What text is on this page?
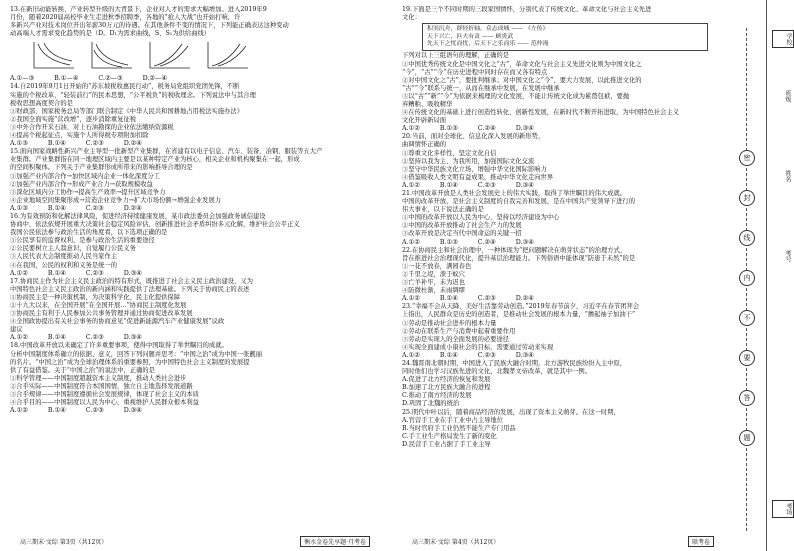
13.在新旧动能转换、产业转型升级的大背景下，企业对人才的需求大幅增加。进入2019年9

月份，随着2020届高校毕业生走进秋季招聘季，各地的“抢人大战”也开始打响，许

多新兴产业对技术岗位开出年薪30万元的待遇。在其他条件不变的情况下，下列能正确表达这种变动

动高端人才需求变化趋势的是（D。D₁为需求曲线，S、S₁为供给曲线）

A.①—③          B.①—④          C.②—③          D.②—④

14.自2019年9月1日开始的“苏东坡税收惠民行动”，税务局党组织党团先锋，不断

实施的个税改革，“轻装前行”的民本思想，“公平税负”的税收理念。下列说法中与其合理

税收思想高度契合的是

①财政部、国家税务总局等部门联合制定《中华人民共和国耕地占用税法实施办法》

②我国全面实施“营改增”，逐步消除重复征税

③中外合作开采石油、对上石油勘探的企业依法缴纳资源税

④提高个税起征点，实施个人所得税专项附加扣除

A.①③          B.①④          C.②③          D.②④

15.面向国家战略性新兴产业主导型一批新型产业集群，在省建有以电子信息、汽车、装备、冶钢、服装等五大产

业集群。产业集群指在同一地理区域内主要是以某种特定产业为核心，相关企业和机构聚集在一起，形成

的空间积聚体。下列关于产业集群形成所带来的影响推导合理的是

①加强产业内部合作→加快区域内企业一体化深度分工

②加强产业内部合作→形成产业合力→获取规模收益

③深化区域内分工协作→提高生产效率→提升区域竞争力

④企业地域空间集聚形成→营造企业竞争力→扩大市场份额→增强企业发展力

A.①③          B.①④          C.②③          D.②④

16.为有效预防和化解法律风险，促进经济持续健康发展，某市政法委员会加强政务诚信建设

协商中，依法依规开展重大决策社会稳定风险评估，创新推进社会矛盾纠纷多元化解，维护社会公平正义

我国公民依法参与政治生活的角度看，以下选项正确的是

①公民享有的监督权利，是参与政治生活的重要途径

②公民要树立主人翁意识，自觉履行公民义务

③人民代表大会制度推动人民当家作主

④在我国，公民的权利和义务是统一的

A.①②          B.①④          C.②③          D.③④

17.协商民主作为社会主义民主政治的特有形式，既推进了社会主义民主政治建设，又为

中国特色社会主义民主政治的新内涵和实践提供了法理基础。下列关于协商民主的表述

①协商民主是一种决策机制，为决策科学化、民主化提供保障

②十九大以来，在全国开展“在全国开展…”协商民主制度化发展

③协商民主有利于人民参加公共事务管理并通过协商促进改革发展

④全国政协提出有关社会事务的协商意见“促进新能源汽车产业健康发展”议政

建议

A.①②          B.①④          C.②③          D.③④

18.中国改革开放以来确定了许多重要事项，使得中国取得了举世瞩目的成就。

分析中国制度体系确立的依据、意义，回答下列问题并思考：“中国之治”成为中国一张靓丽

的名片。“中国之治”成为全球治理体系的重要参照，为中国特色社会主义制度的发展提

供了有益借鉴。关于“中国之治”的说法中，正确的是

①科学管理——中国制度超越资本主义制度，推动人类社会进步

②合乎实际——中国制度符合本国国情，独立自主地选择发展道路

③合乎规律——中国制度遵循社会发展规律，体现了社会主义的本质

④合乎目的——中国制度以人民为中心，重视维护人民群众根本利益

A.①②          B.①④          C.②③          D.③④

高三期末·文综 第3页（共12页）	衡水金卷先享题·月考卷

19.下面是三个不同时期的三段家国情怀，分别代表了传统文化、革命文化与社会主义先进

文化：

积羽沉舟，群轻折轴，众志成城 —— 《左传》

天下兴亡，匹夫有责 —— 顾炎武

先天下之忧而忧，后天下之乐而乐 —— 范仲淹

下列对以上三组语句的理解，正确的是

①中国优秀传统文化是中国文化之“古”，革命文化与社会主义先进文化则为中国文化之

“今”，“古”“今”在历史进程中同时存在而又各有特点

②对中国文化之“古”，要批判继承；对中国文化之“今”，要大力发展，以此推进文化的

“古”“今”联系与统一，从而在继承中发展，在发展中继承

③以“古”“新”“今”为依据来梳理的文化发展，不能让传统文化成为累赘包袱，要抛

弃糟粕、吸收精华

④在传统文化的基础上进行创造性转化、创新性发展，在新时代不断开拓进取，为中国特色社会主义

文化开辟新局面

A.①②          B.①③          C.②④          D.③④

20.当前，面对全球化、信息化深入发展的新形势，

曲调情怀正确的

①尊重文化多样性，坚定文化自信

②坚持以我为主、为我所用，加强国际文化交流

③坚守中华民族文化立场，增强中华文化国际影响力

④借鉴吸收人类文明有益成果，推动中华文化走向世界

A.①②          B.①④          C.②③          D.③④

21.中国改革开放是人类社会发展史上的伟大实践，取得了举世瞩目的伟大成就。

中国的改革开放，是社会主义制度的自我完善和发展，是在中国共产党领导下进行的

伟大事业，以下说法正确的是

①中国的改革开放以人民为中心，坚持以经济建设为中心

②中国的改革开放推动了社会生产力的发展

③改革开放是决定当代中国命运的关键一招

A.①②          B.①③          C.②④          D.③④

22.在协商民主和社会治理中，一种体现为“把问题解决在萌芽状态”的治理方式，

旨在推进社会治理现代化，提升基层治理能力。下列俗语中能体现“防患于未然”的是

①一花不放春，满园春色

②千里之堤，溃于蚁穴

③亡羊补牢，未为迟也

④防微杜渐，未雨绸缪

A.①②          B.①④          C.②③          D.②④

23.“幸福不会从天降，美好生活靠劳动创造。”2019年春节前夕，习近平在春节团拜会

上指出，人民群众是历史的创造者，是推动社会发展的根本力量，“撸起袖子加油干”

①劳动是推动社会进步的根本力量

②劳动在联系生产与消费中起着重要作用

③劳动是实现人的全面发展的必要途径

④实现全面建成小康社会的目标，需要通过劳动来实现

A.①②          B.①④          C.②③          D.③④

24.魏晋南北朝时期，中国进入了民族大融合时期，北方游牧民族纷纷入主中原，

同时他们也学习汉族先进的文化，北魏孝文帝改革，就是其中一例。

A.促进了北方经济的恢复和发展

B.加速了北方民族大融合的进程

C.推动了南方经济的发展

D.巩固了北魏的统治

25.明代中叶以后，随着商品经济的发展，出现了资本主义萌芽。在这一时期，

A.官营手工业在手工业中占主导地位

B.当时官府手工业仍然不能生产专门用品

C.手工业生产格局发生了新的变化

D.民营手工业占据了手工业主导

高三期末·文综 第4页（共12页）	联考卷
密
封
线
内
不
要
答
题
学校
班级
姓名
考号
考场
